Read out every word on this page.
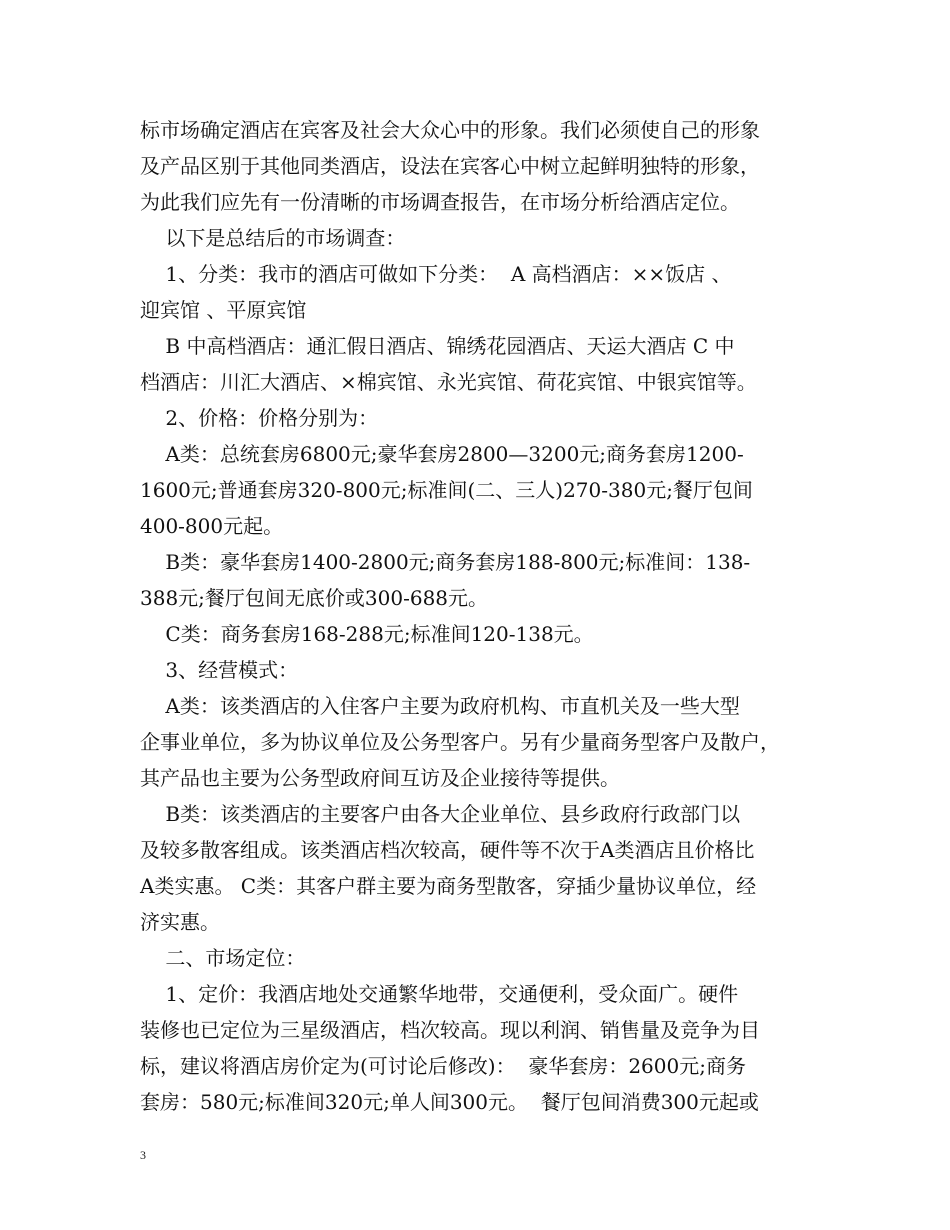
标市场确定酒店在宾客及社会大众心中的形象。我们必须使自己的形象
及产品区别于其他同类酒店，设法在宾客心中树立起鲜明独特的形象，
为此我们应先有一份清晰的市场调查报告，在市场分析给酒店定位。
以下是总结后的市场调查：
1、分类：我市的酒店可做如下分类：  A 高档酒店：××饭店 、
迎宾馆 、平原宾馆
B 中高档酒店：通汇假日酒店、锦绣花园酒店、天运大酒店 C 中
档酒店：川汇大酒店、×棉宾馆、永光宾馆、荷花宾馆、中银宾馆等。
2、价格：价格分别为：
A类：总统套房6800元;豪华套房2800—3200元;商务套房1200-
1600元;普通套房320-800元;标准间(二、三人)270-380元;餐厅包间
400-800元起。
B类：豪华套房1400-2800元;商务套房188-800元;标准间：138-
388元;餐厅包间无底价或300-688元。
C类：商务套房168-288元;标准间120-138元。
3、经营模式：
A类：该类酒店的入住客户主要为政府机构、市直机关及一些大型
企事业单位，多为协议单位及公务型客户。另有少量商务型客户及散户，
其产品也主要为公务型政府间互访及企业接待等提供。
B类：该类酒店的主要客户由各大企业单位、县乡政府行政部门以
及较多散客组成。该类酒店档次较高，硬件等不次于A类酒店且价格比
A类实惠。 C类：其客户群主要为商务型散客，穿插少量协议单位，经
济实惠。
二、市场定位：
1、定价：我酒店地处交通繁华地带，交通便利，受众面广。硬件
装修也已定位为三星级酒店，档次较高。现以利润、销售量及竞争为目
标，建议将酒店房价定为(可讨论后修改)：  豪华套房：2600元;商务
套房：580元;标准间320元;单人间300元。  餐厅包间消费300元起或
3
